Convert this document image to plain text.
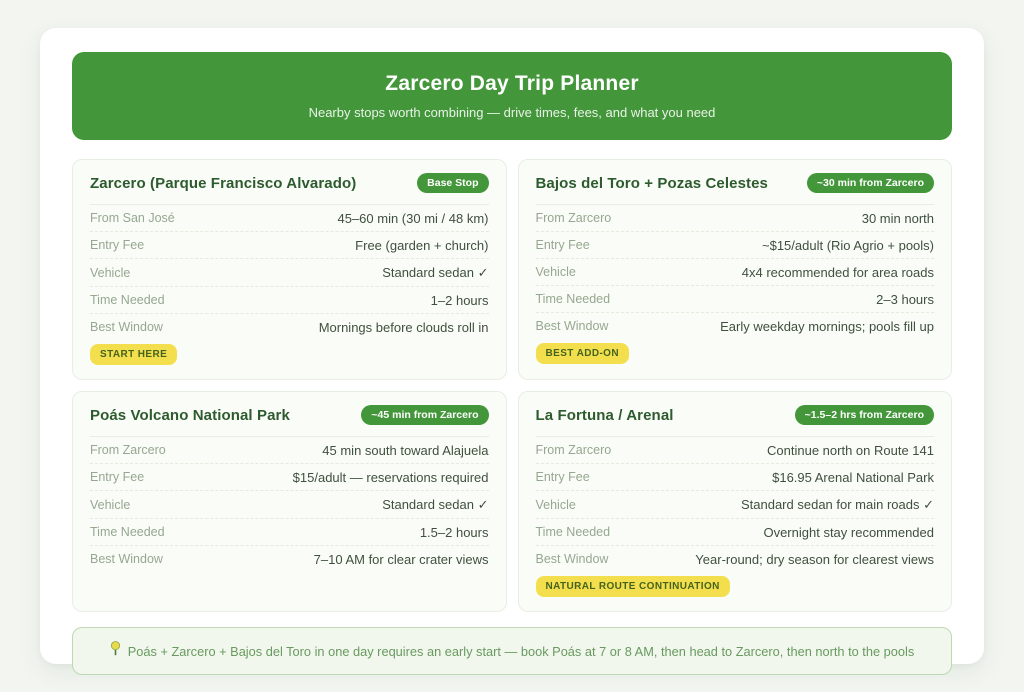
Zarcero Day Trip Planner
Nearby stops worth combining — drive times, fees, and what you need
Zarcero (Parque Francisco Alvarado)	Base Stop
From San José	45–60 min (30 mi / 48 km)
Entry Fee	Free (garden + church)
Vehicle	Standard sedan ✓
Time Needed	1–2 hours
Best Window	Mornings before clouds roll in
START HERE
Bajos del Toro + Pozas Celestes	~30 min from Zarcero
From Zarcero	30 min north
Entry Fee	~$15/adult (Rio Agrio + pools)
Vehicle	4x4 recommended for area roads
Time Needed	2–3 hours
Best Window	Early weekday mornings; pools fill up
BEST ADD-ON
Poás Volcano National Park	~45 min from Zarcero
From Zarcero	45 min south toward Alajuela
Entry Fee	$15/adult — reservations required
Vehicle	Standard sedan ✓
Time Needed	1.5–2 hours
Best Window	7–10 AM for clear crater views
La Fortuna / Arenal	~1.5–2 hrs from Zarcero
From Zarcero	Continue north on Route 141
Entry Fee	$16.95 Arenal National Park
Vehicle	Standard sedan for main roads ✓
Time Needed	Overnight stay recommended
Best Window	Year-round; dry season for clearest views
NATURAL ROUTE CONTINUATION
Poás + Zarcero + Bajos del Toro in one day requires an early start — book Poás at 7 or 8 AM, then head to Zarcero, then north to the pools
